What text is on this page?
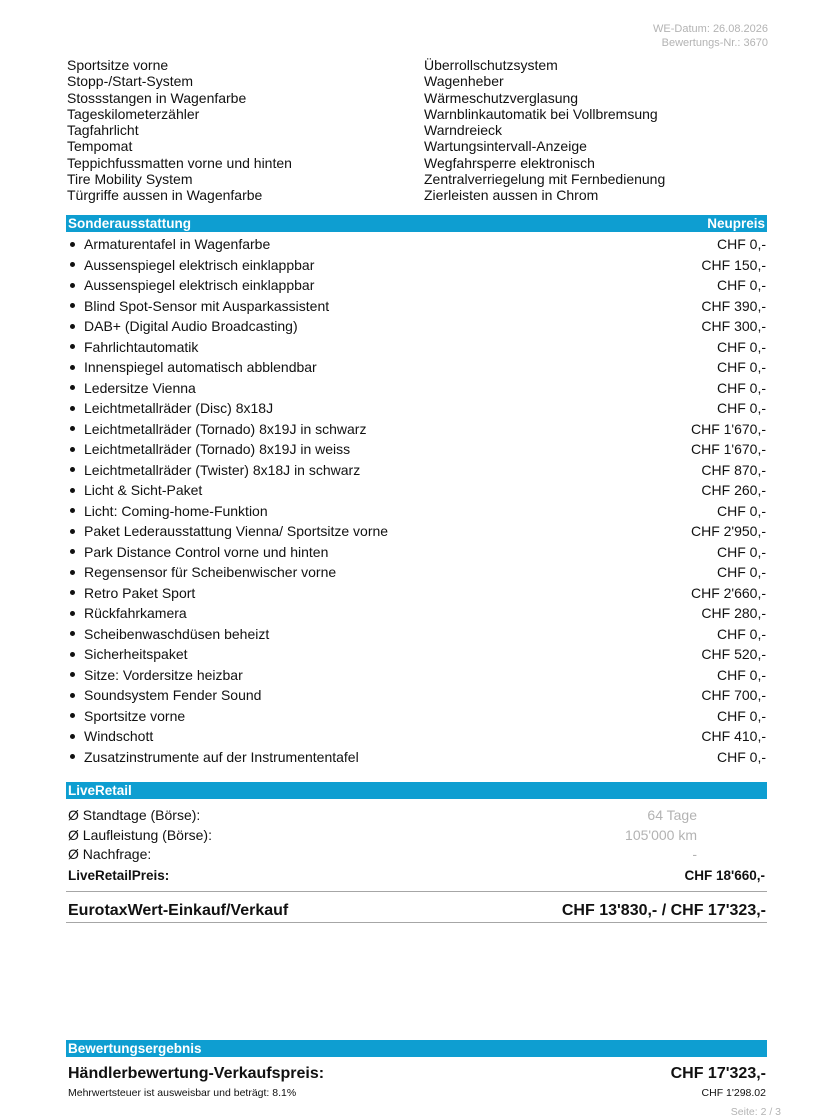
WE-Datum: 26.08.2026
Bewertungs-Nr.: 3670
Sportsitze vorne	Überrollschutzsystem
Stopp-/Start-System	Wagenheber
Stossstangen in Wagenfarbe	Wärmeschutzverglasung
Tageskilometerzähler	Warnblinkautomatik bei Vollbremsung
Tagfahrlicht	Warndreieck
Tempomat	Wartungsintervall-Anzeige
Teppichfussmatten vorne und hinten	Wegfahrsperre elektronisch
Tire Mobility System	Zentralverriegelung mit Fernbedienung
Türgriffe aussen in Wagenfarbe	Zierleisten aussen in Chrom
Sonderausstattung	Neupreis
Armaturentafel in Wagenfarbe	CHF 0,-
Aussenspiegel elektrisch einklappbar	CHF 150,-
Aussenspiegel elektrisch einklappbar	CHF 0,-
Blind Spot-Sensor mit Ausparkassistent	CHF 390,-
DAB+ (Digital Audio Broadcasting)	CHF 300,-
Fahrlichtautomatik	CHF 0,-
Innenspiegel automatisch abblendbar	CHF 0,-
Ledersitze Vienna	CHF 0,-
Leichtmetallräder (Disc) 8x18J	CHF 0,-
Leichtmetallräder (Tornado) 8x19J in schwarz	CHF 1'670,-
Leichtmetallräder (Tornado) 8x19J in weiss	CHF 1'670,-
Leichtmetallräder (Twister) 8x18J in schwarz	CHF 870,-
Licht & Sicht-Paket	CHF 260,-
Licht: Coming-home-Funktion	CHF 0,-
Paket Lederausstattung Vienna/ Sportsitze vorne	CHF 2'950,-
Park Distance Control vorne und hinten	CHF 0,-
Regensensor für Scheibenwischer vorne	CHF 0,-
Retro Paket Sport	CHF 2'660,-
Rückfahrkamera	CHF 280,-
Scheibenwaschdüsen beheizt	CHF 0,-
Sicherheitspaket	CHF 520,-
Sitze: Vordersitze heizbar	CHF 0,-
Soundsystem Fender Sound	CHF 700,-
Sportsitze vorne	CHF 0,-
Windschott	CHF 410,-
Zusatzinstrumente auf der Instrumententafel	CHF 0,-
LiveRetail
Ø Standtage (Börse):	64 Tage
Ø Laufleistung (Börse):	105'000 km
Ø Nachfrage:	-
LiveRetailPreis:	CHF 18'660,-
EurotaxWert-Einkauf/Verkauf	CHF 13'830,- / CHF 17'323,-
Bewertungsergebnis
Händlerbewertung-Verkaufspreis:	CHF 17'323,-
Mehrwertsteuer ist ausweisbar und beträgt: 8.1%	CHF 1'298.02
Seite: 2 / 3
